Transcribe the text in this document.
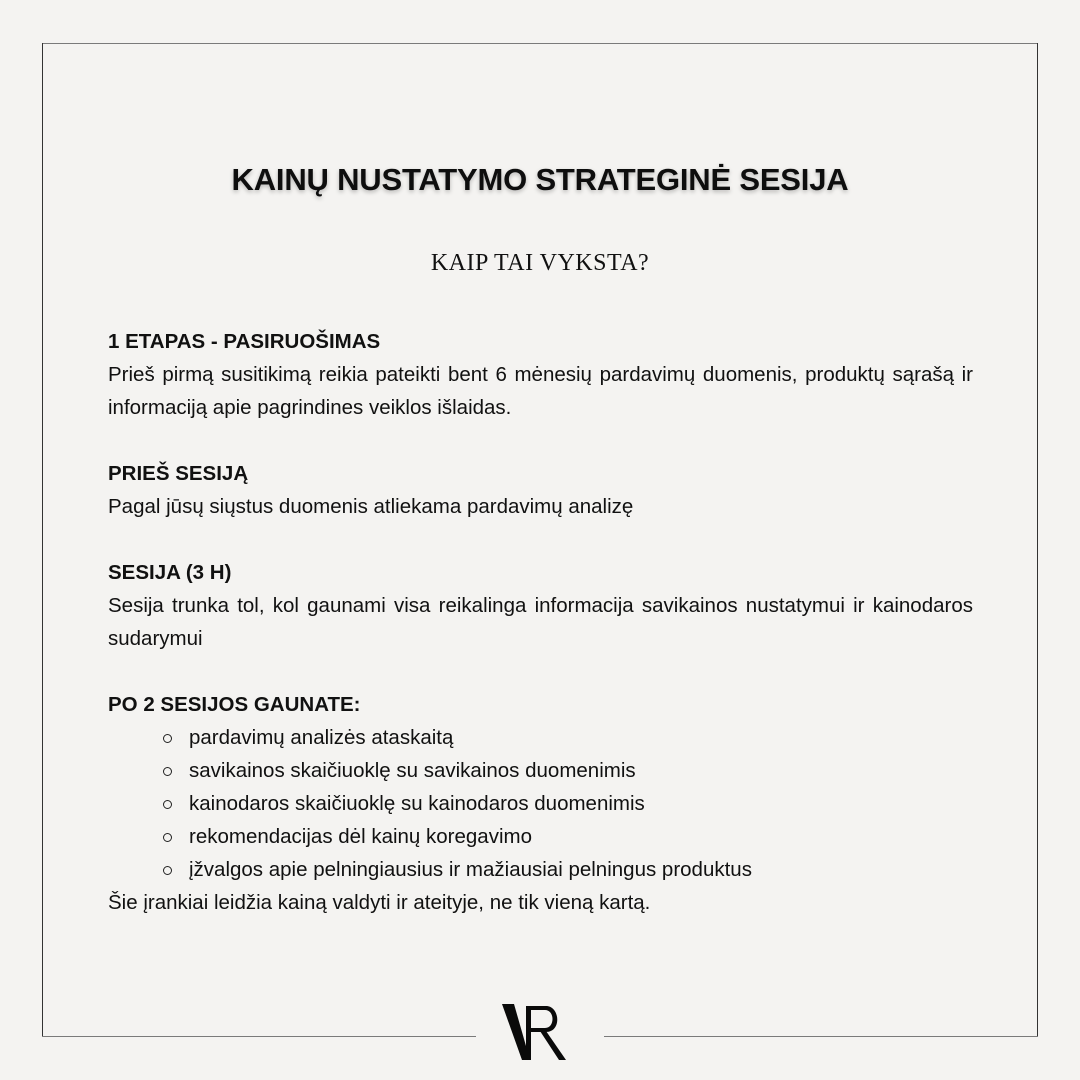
KAINŲ NUSTATYMO STRATEGINĖ SESIJA
KAIP TAI VYKSTA?
1 ETAPAS - PASIRUOŠIMAS
Prieš pirmą susitikimą reikia pateikti bent 6 mėnesių pardavimų duomenis, produktų sąrašą ir informaciją apie pagrindines veiklos išlaidas.
PRIEŠ SESIJĄ
Pagal jūsų siųstus duomenis atliekama pardavimų analizę
SESIJA (3 H)
Sesija trunka tol, kol gaunami visa reikalinga informacija savikainos nustatymui ir kainodaros sudarymui
PO 2 SESIJOS GAUNATE:
pardavimų analizės ataskaitą
savikainos skaičiuoklę su savikainos duomenimis
kainodaros skaičiuoklę su kainodaros duomenimis
rekomendacijas dėl kainų koregavimo
įžvalgos apie pelningiausius ir mažiausiai pelningus produktus
Šie įrankiai leidžia kainą valdyti ir ateityje, ne tik vieną kartą.
